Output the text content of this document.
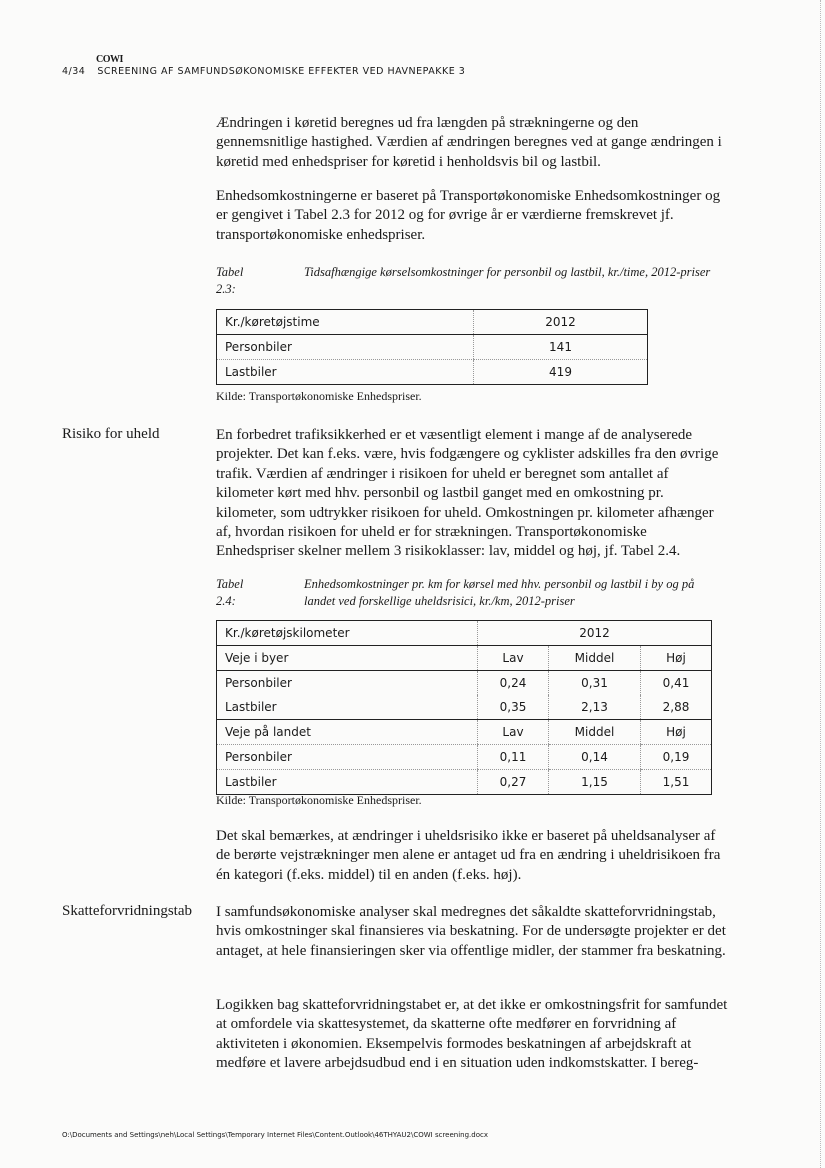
COWI
4/34 SCREENING AF SAMFUNDSØKONOMISKE EFFEKTER VED HAVNEPAKKE 3

Ændringen i køretid beregnes ud fra længden på strækningerne og den gennemsnitlige hastighed. Værdien af ændringen beregnes ved at gange ændringen i køretid med enhedspriser for køretid i henholdsvis bil og lastbil.

Enhedsomkostningerne er baseret på Transportøkonomiske Enhedsomkostninger og er gengivet i Tabel 2.3 for 2012 og for øvrige år er værdierne fremskrevet jf. transportøkonomiske enhedspriser.

Tabel 2.3:
Tidsafhængige kørselsomkostninger for personbil og lastbil, kr./time, 2012-priser
Kr./køretøjstime	2012
Personbiler	141
Lastbiler	419
Kilde: Transportøkonomiske Enhedspriser.
Risiko for uheld	En forbedret trafiksikkerhed er et væsentligt element i mange af de analyserede projekter. Det kan f.eks. være, hvis fodgængere og cyklister adskilles fra den øvrige trafik. Værdien af ændringer i risikoen for uheld er beregnet som antallet af kilometer kørt med hhv. personbil og lastbil ganget med en omkostning pr. kilometer, som udtrykker risikoen for uheld. Omkostningen pr. kilometer afhænger af, hvordan risikoen for uheld er for strækningen. Transportøkonomiske Enhedspriser skelner mellem 3 risikoklasser: lav, middel og høj, jf. Tabel 2.4.

Tabel 2.4:
Enhedsomkostninger pr. km for kørsel med hhv. personbil og lastbil i by og på landet ved forskellige uheldsrisici, kr./km, 2012-priser
Kr./køretøjskilometer	2012		
Veje i byer	Lav	Middel	Høj
Personbiler	0,24	0,31	0,41
Lastbiler	0,35	2,13	2,88
Veje på landet	Lav	Middel	Høj
Personbiler	0,11	0,14	0,19
Lastbiler	0,27	1,15	1,51
Kilde: Transportøkonomiske Enhedspriser.

Det skal bemærkes, at ændringer i uheldsrisiko ikke er baseret på uheldsanalyser af de berørte vejstrækninger men alene er antaget ud fra en ændring i uheldrisikoen fra én kategori (f.eks. middel) til en anden (f.eks. høj).

Skatteforvridningstab I samfundsøkonomiske analyser skal medregnes det såkaldte skatteforvridningstab, hvis omkostninger skal finansieres via beskatning. For de undersøgte projekter er det antaget, at hele finansieringen sker via offentlige midler, der stammer fra beskatning.

Logikken bag skatteforvridningstabet er, at det ikke er omkostningsfrit for samfundet at omfordele via skattesystemet, da skatterne ofte medfører en forvridning af aktiviteten i økonomien. Eksempelvis formodes beskatningen af arbejdskraft at medføre et lavere arbejdsudbud end i en situation uden indkomstskatter. I bereg-

O:\Documents and Settings\neh\Local Settings\Temporary Internet Files\Content.Outlook\46THYAU2\COWI screening.docx
